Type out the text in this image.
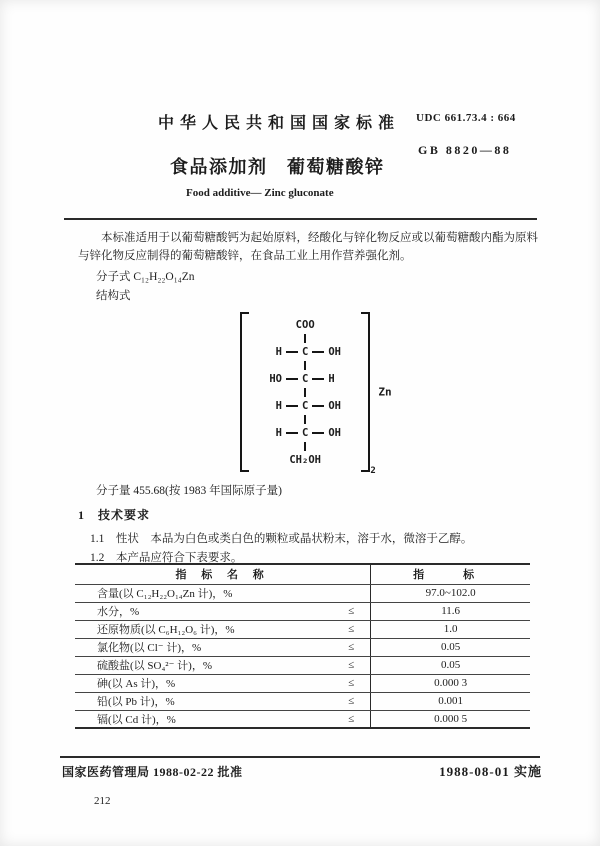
中华人民共和国国家标准 UDC 661.73.4 : 664
GB 8820—88
食品添加剂　葡萄糖酸锌
Food additive— Zinc gluconate
本标准适用于以葡萄糖酸钙为起始原料，经酸化与锌化物反应或以葡萄糖酸内酯为原料与锌化物反应制得的葡萄糖酸锌，在食品工业上用作营养强化剂。
分子式 C₁₂H₂₂O₁₄Zn
结构式
COO
H C OH
HO C H
H C OH
H C OH
CH₂OH
2
Zn
分子量 455.68(按 1983 年国际原子量)
1　技术要求
1.1　性状　本品为白色或类白色的颗粒或晶状粉末，溶于水，微溶于乙醇。
1.2　本产品应符合下表要求。
指 标 名 称	指　标

含量(以 C₁₂H₂₂O₁₄Zn 计)，%	97.0~102.0

水分，% ≤	11.6

还原物质(以 C₆H₁₂O₆ 计)，% ≤	1.0

氯化物(以 Cl⁻ 计)，% ≤	0.05

硫酸盐(以 SO₄²⁻ 计)，% ≤	0.05

砷(以 As 计)，% ≤	0.000 3

铅(以 Pb 计)，% ≤	0.001

镉(以 Cd 计)，% ≤	0.000 5
国家医药管理局 1988-02-22 批准	1988-08-01 实施
212
